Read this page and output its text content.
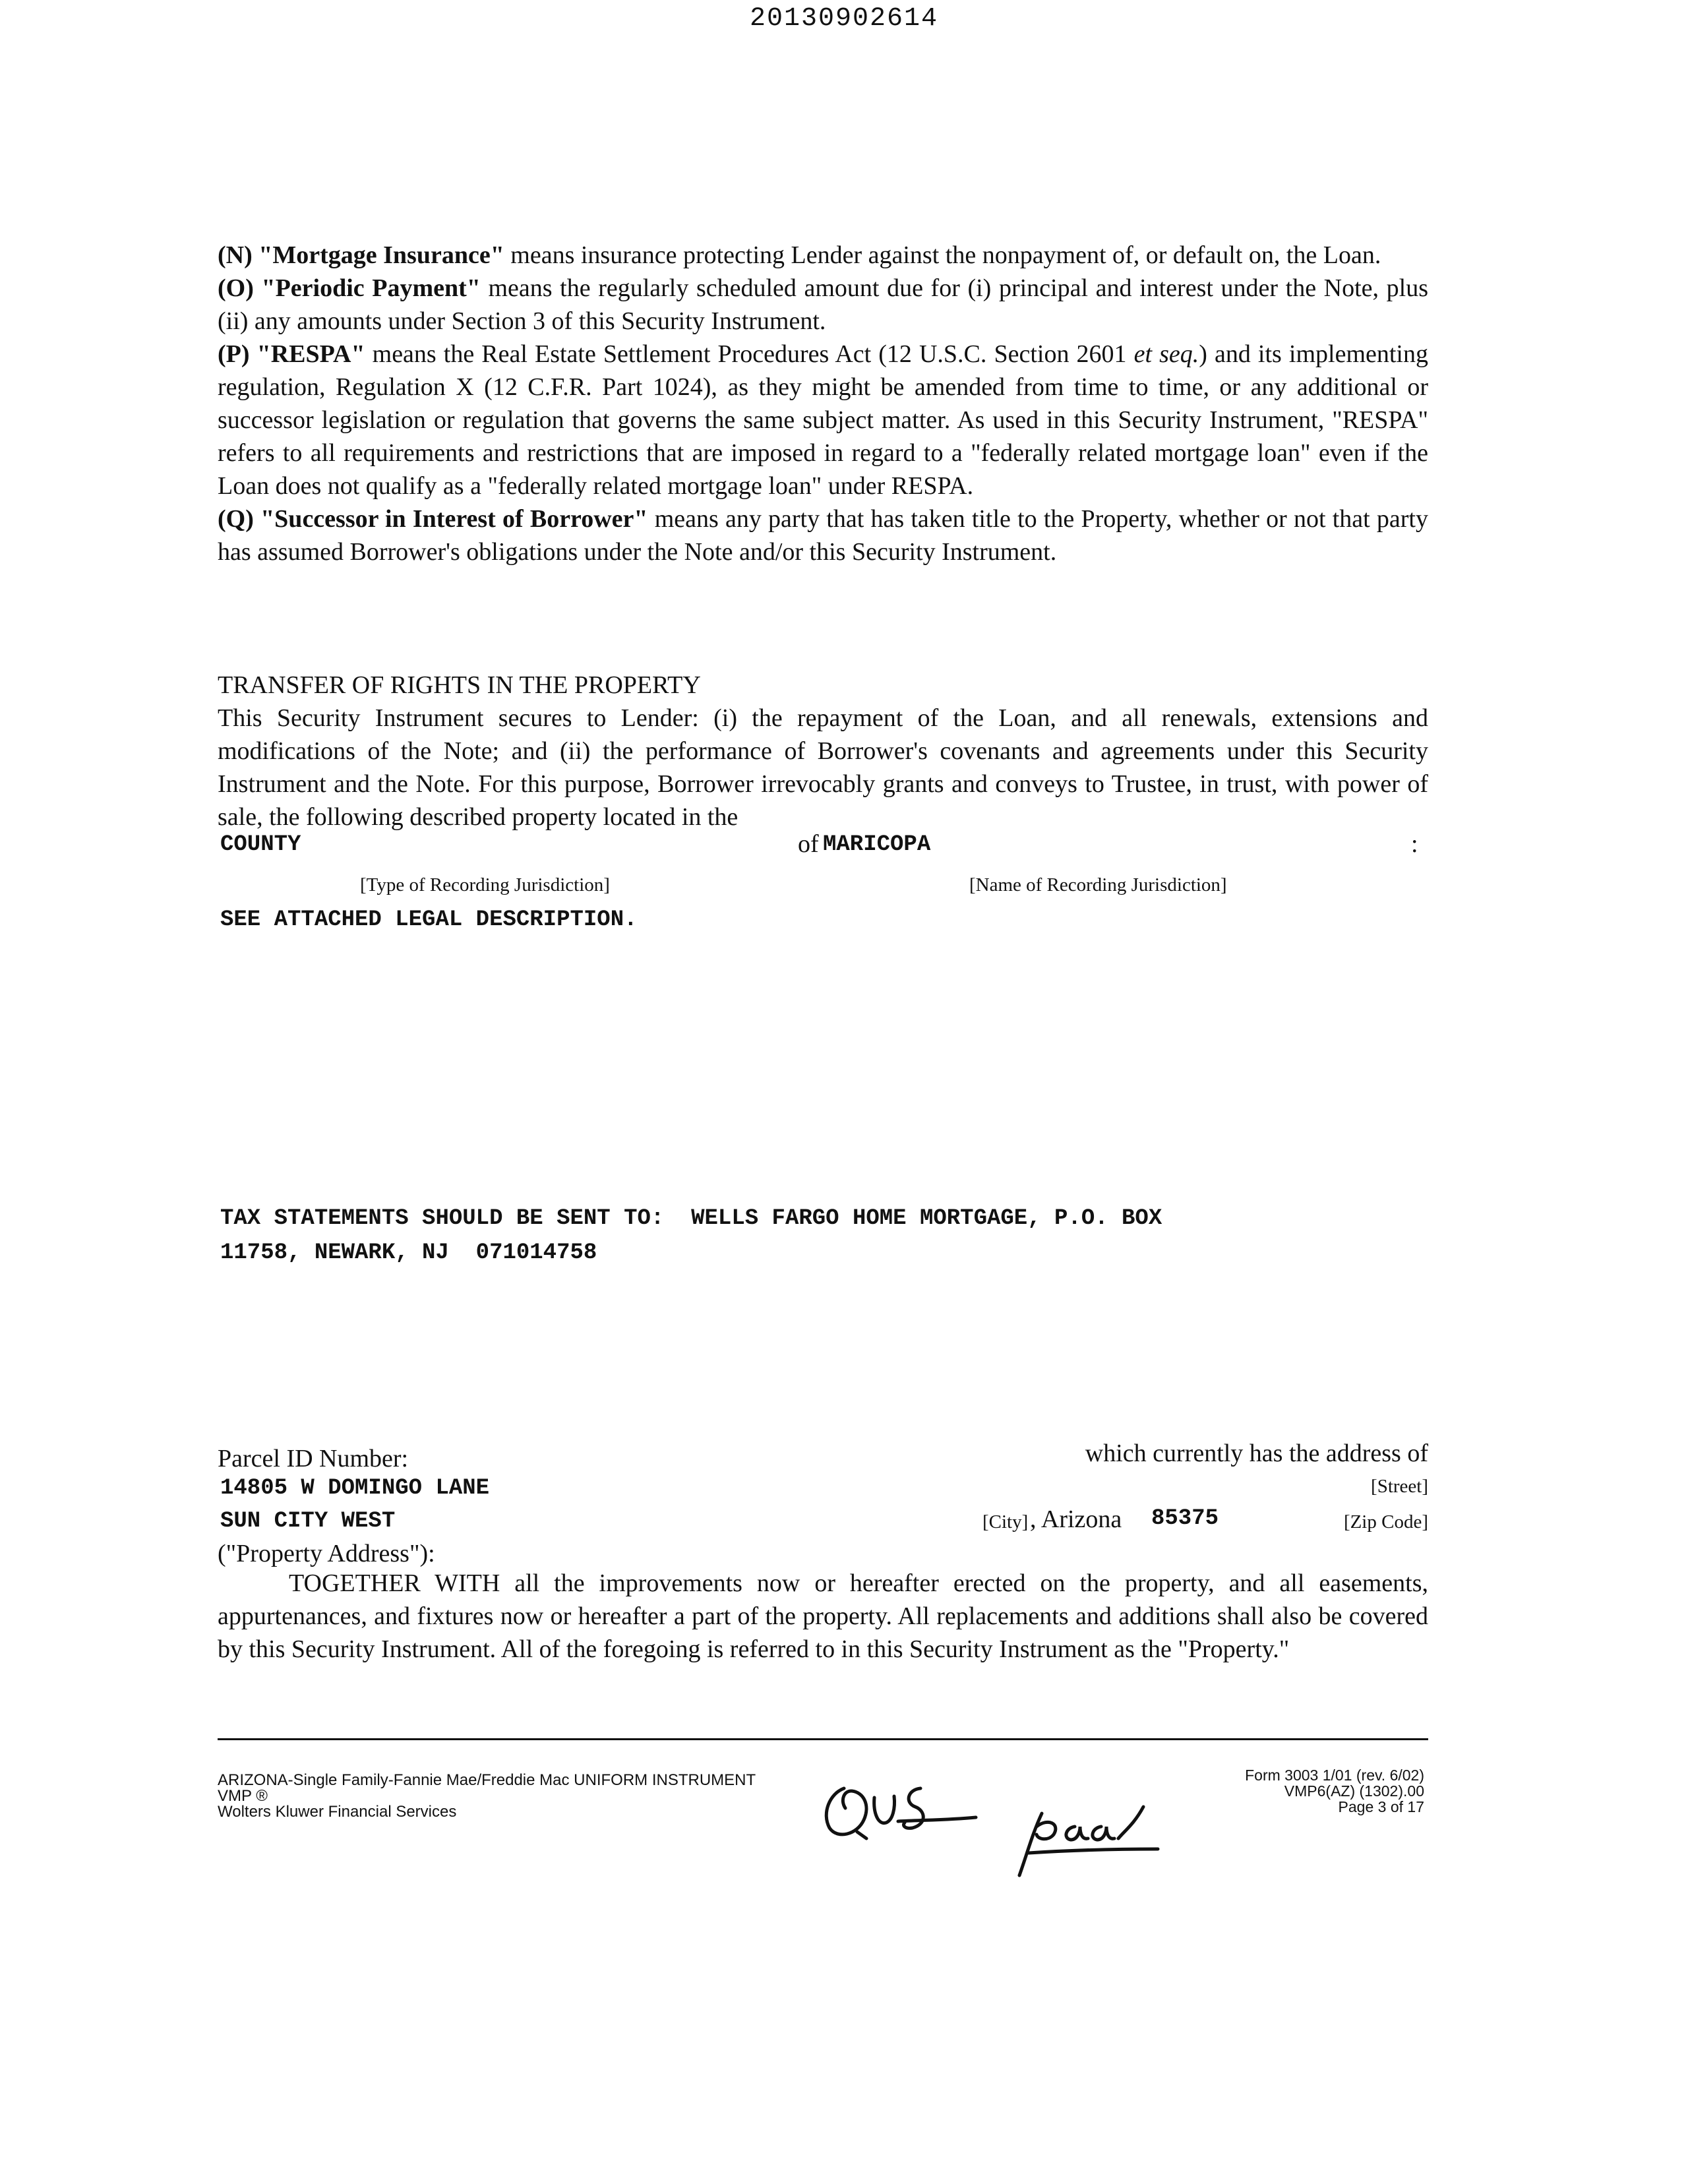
20130902614

(N) "Mortgage Insurance" means insurance protecting Lender against the nonpayment of, or default on, the Loan.

(O) "Periodic Payment" means the regularly scheduled amount due for (i) principal and interest under the Note, plus (ii) any amounts under Section 3 of this Security Instrument.

(P) "RESPA" means the Real Estate Settlement Procedures Act (12 U.S.C. Section 2601 et seq.) and its implementing regulation, Regulation X (12 C.F.R. Part 1024), as they might be amended from time to time, or any additional or successor legislation or regulation that governs the same subject matter. As used in this Security Instrument, "RESPA" refers to all requirements and restrictions that are imposed in regard to a "federally related mortgage loan" even if the Loan does not qualify as a "federally related mortgage loan" under RESPA.

(Q) "Successor in Interest of Borrower" means any party that has taken title to the Property, whether or not that party has assumed Borrower's obligations under the Note and/or this Security Instrument.

TRANSFER OF RIGHTS IN THE PROPERTY

This Security Instrument secures to Lender: (i) the repayment of the Loan, and all renewals, extensions and modifications of the Note; and (ii) the performance of Borrower's covenants and agreements under this Security Instrument and the Note. For this purpose, Borrower irrevocably grants and conveys to Trustee, in trust, with power of sale, the following described property located in the

COUNTY	of MARICOPA	:
[Type of Recording Jurisdiction]	[Name of Recording Jurisdiction]
SEE ATTACHED LEGAL DESCRIPTION.
TAX STATEMENTS SHOULD BE SENT TO:  WELLS FARGO HOME MORTGAGE, P.O. BOX
11758, NEWARK, NJ  071014758
Parcel ID Number:	which currently has the address of
14805 W DOMINGO LANE	[Street]
SUN CITY WEST	[City] , Arizona 85375	[Zip Code]
("Property Address"):

TOGETHER WITH all the improvements now or hereafter erected on the property, and all easements, appurtenances, and fixtures now or hereafter a part of the property. All replacements and additions shall also be covered by this Security Instrument. All of the foregoing is referred to in this Security Instrument as the "Property."

ARIZONA-Single Family-Fannie Mae/Freddie Mac UNIFORM INSTRUMENT
VMP ®
Wolters Kluwer Financial Services
Form 3003 1/01 (rev. 6/02)
VMP6(AZ) (1302).00
Page 3 of 17
